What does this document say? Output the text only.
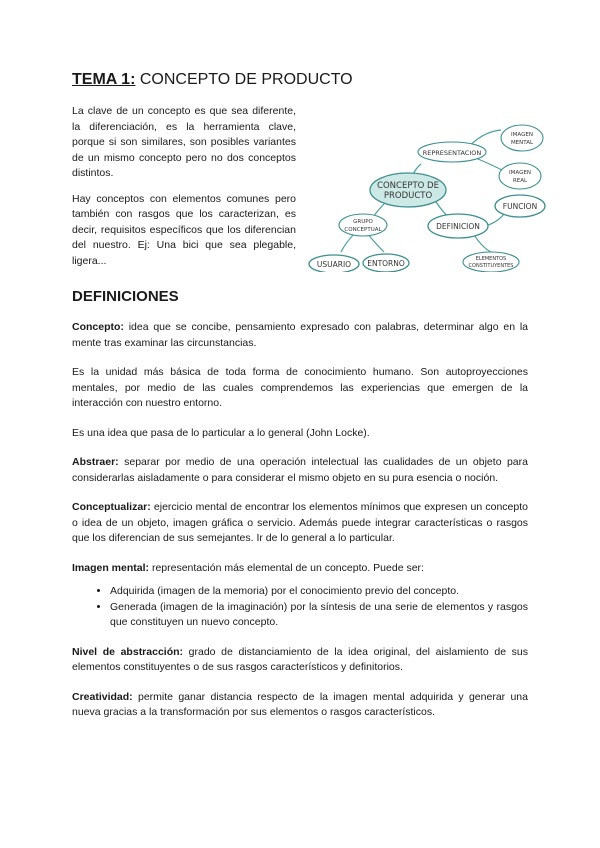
TEMA 1: CONCEPTO DE PRODUCTO

La clave de un concepto es que sea diferente, la diferenciación, es la herramienta clave, porque si son similares, son posibles variantes de un mismo concepto pero no dos conceptos distintos.

Hay conceptos con elementos comunes pero también con rasgos que los caracterizan, es decir, requisitos específicos que los diferencian del nuestro. Ej: Una bici que sea plegable, ligera...

CONCEPTO DE
PRODUCTO
REPRESENTACION
IMAGEN
MENTAL
IMAGEN
REAL
FUNCION
DEFINICION
ELEMENTOS
CONSTITUYENTES
GRUPO
CONCEPTUAL
USUARIO ENTORNO
DEFINICIONES

Concepto: idea que se concibe, pensamiento expresado con palabras, determinar algo en la mente tras examinar las circunstancias.

Es la unidad más básica de toda forma de conocimiento humano. Son autoproyecciones mentales, por medio de las cuales comprendemos las experiencias que emergen de la interacción con nuestro entorno.

Es una idea que pasa de lo particular a lo general (John Locke).

Abstraer: separar por medio de una operación intelectual las cualidades de un objeto para considerarlas aisladamente o para considerar el mismo objeto en su pura esencia o noción.

Conceptualizar: ejercicio mental de encontrar los elementos mínimos que expresen un concepto o idea de un objeto, imagen gráfica o servicio. Además puede integrar características o rasgos que los diferencian de sus semejantes. Ir de lo general a lo particular.

Imagen mental: representación más elemental de un concepto. Puede ser:

• Adquirida (imagen de la memoria) por el conocimiento previo del concepto.
• Generada (imagen de la imaginación) por la síntesis de una serie de elementos y rasgos que constituyen un nuevo concepto.

Nivel de abstracción: grado de distanciamiento de la idea original, del aislamiento de sus elementos constituyentes o de sus rasgos característicos y definitorios.

Creatividad: permite ganar distancia respecto de la imagen mental adquirida y generar una nueva gracias a la transformación por sus elementos o rasgos característicos.
